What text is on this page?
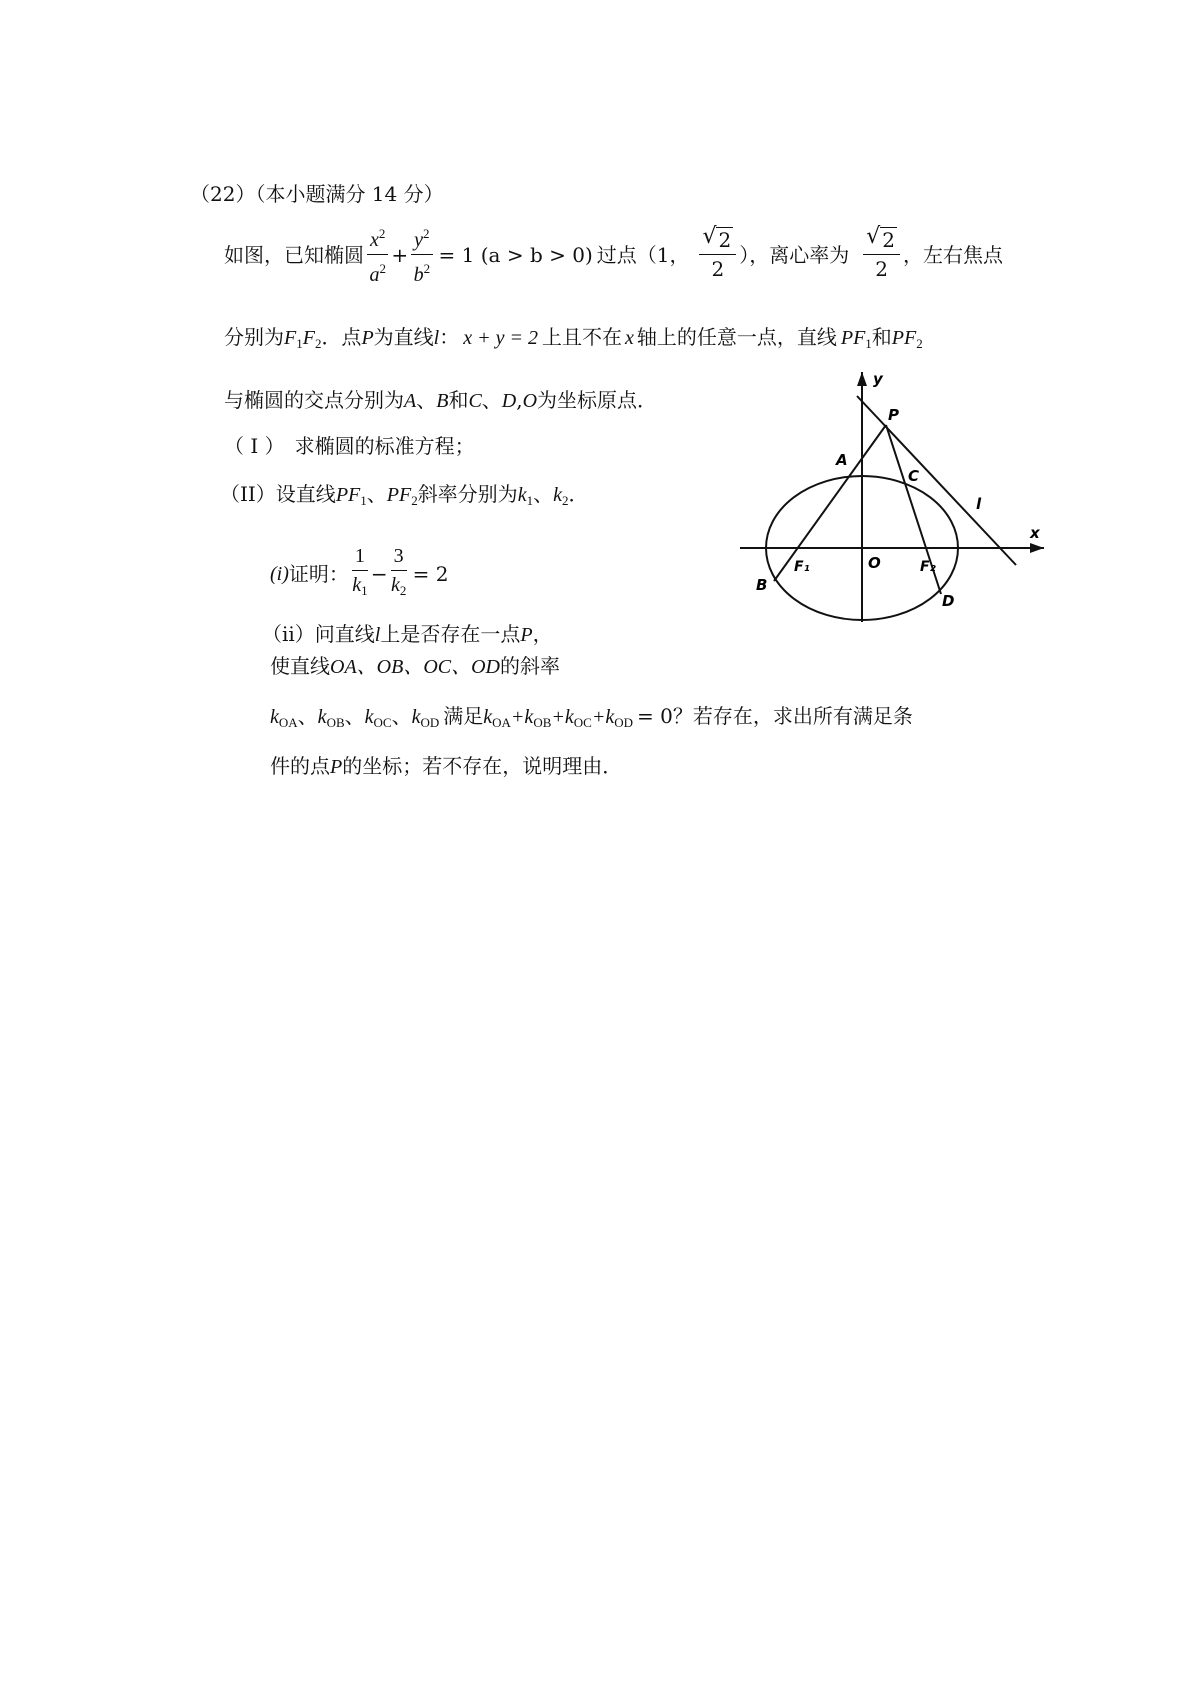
（22）（本小题满分 14 分）
如图，已知椭圆 $\frac{x^2}{a^2} + \frac{y^2}{b^2} = 1$ (a > b > 0) 过点（1， $\frac{√ 2}{2}$ ），离心率为 $\frac{√ 2}{2}$ ，左右焦点
分别为$F_1F_2$．点P为直线l： x + y = 2 上且不在 x 轴上的任意一点，直线 $PF_1$和$PF_2$
与椭圆的交点分别为A、B和C、D,O为坐标原点．
（ I ） 求椭圆的标准方程；
（II）设直线$PF_1$、$PF_2$斜率分别为$k_1$、$k_2$．
(i) 证明： $\frac{1}{k_1} - \frac{3}{k_2} = 2$
（ii）问直线l上是否存在一点P，
使直线OA、OB、OC、OD的斜率
$k_{OA}$、$k_{OB}$、$k_{OC}$、$k_{OD}$ 满足$k_{OA}+k_{OB}+k_{OC}+k_{OD} = 0$？若存在，求出所有满足条
件的点P的坐标；若不存在，说明理由．
y
x
P
A
C
l
F₁	O	F₂
B
D
